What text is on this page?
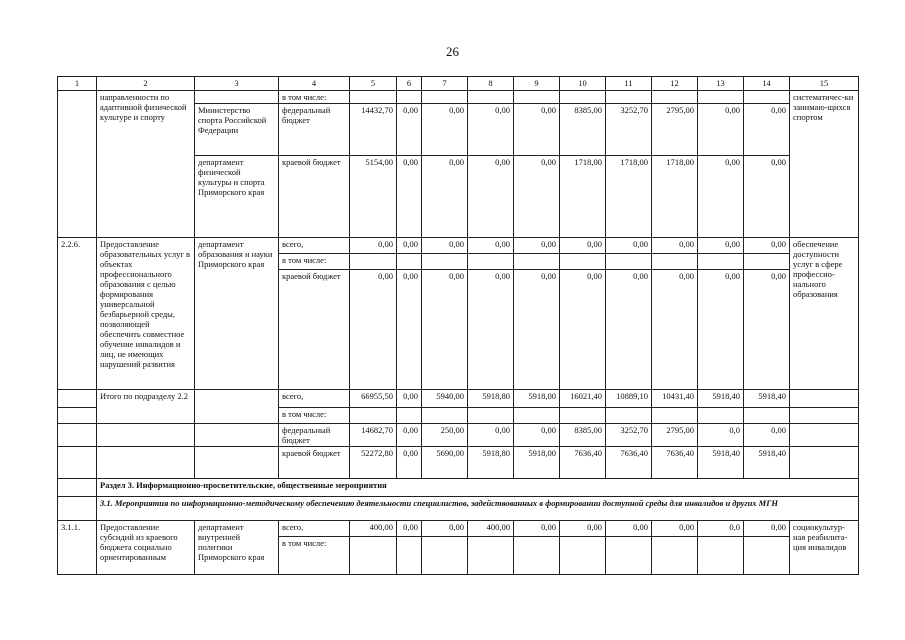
26
1	2	3	4	5	6	7	8	9	10	11	12	13	14	15
	направленности по адаптивной физической культуре и спорту		в том числе:											систематичес-ки занимаю-щихся спортом
		Министерство спорта Российской Федерации	федеральный бюджет	14432,70	0,00	0,00	0,00	0,00	8385,00	3252,70	2795,00	0,00	0,00	
		департамент физической культуры и спорта Приморского края	краевой бюджет	5154,00	0,00	0,00	0,00	0,00	1718,00	1718,00	1718,00	0,00	0,00	
2.2.6.	Предоставление образовательных услуг в объектах профессионального образования с целью формирования универсальной безбарьерной среды, позволяющей обеспечить совместное обучение инвалидов и лиц, не имеющих нарушений развития	департамент образования и науки Приморского края	всего,	0,00	0,00	0,00	0,00	0,00	0,00	0,00	0,00	0,00	0,00	обеспечение доступности услуг в сфере профессио-нального образования
			в том числе:											
			краевой бюджет	0,00	0,00	0,00	0,00	0,00	0,00	0,00	0,00	0,00	0,00	
	Итого по подразделу 2.2		всего,	66955,50	0,00	5940,00	5918,80	5918,00	16021,40	10889,10	10431,40	5918,40	5918,40	
			в том числе:											
			федеральный бюджет	14682,70	0,00	250,00	0,00	0,00	8385,00	3252,70	2795,00	0,0	0,00	
			краевой бюджет	52272,80	0,00	5690,00	5918,80	5918,00	7636,40	7636,40	7636,40	5918,40	5918,40	
	Раздел 3. Информационно-просветительские, общественные мероприятия													
	3.1. Мероприятия по информационно-методическому обеспечению деятельности специалистов, задействованных в формировании доступной среды для инвалидов и других МГН													
3.1.1.	Предоставление субсидий из краевого бюджета социально ориентированным	департамент внутренней политики Приморского края	всего,	400,00	0,00	0,00	400,00	0,00	0,00	0,00	0,00	0,0	0,00	социокультур-ная реабилита-ция инвалидов
			в том числе:											
